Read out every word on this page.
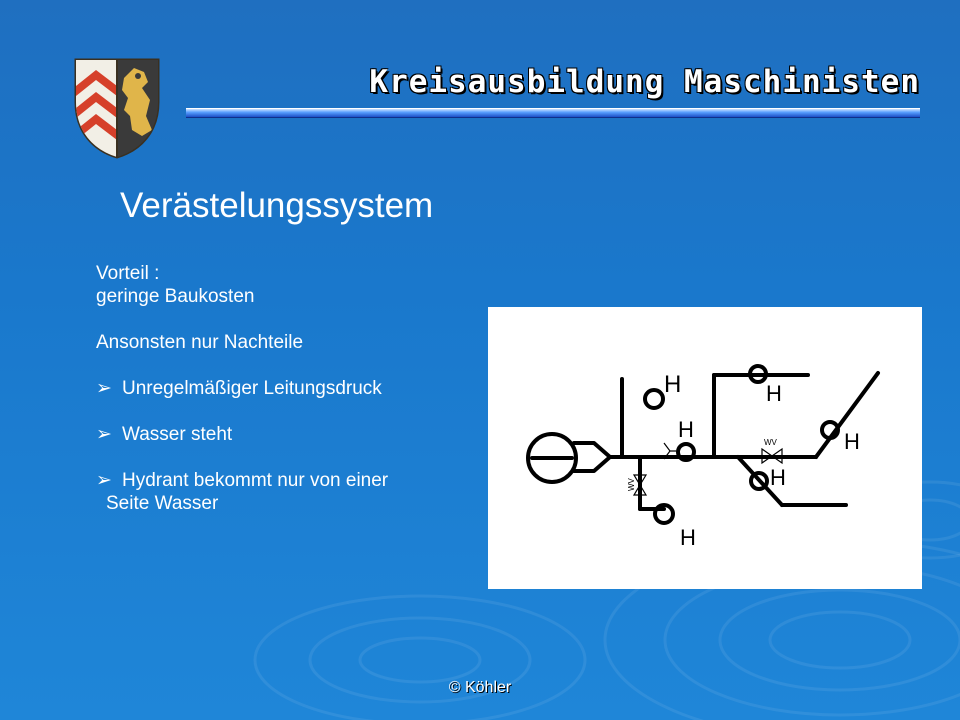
Kreisausbildung Maschinisten
Verästelungssystem
Vorteil :
geringe Baukosten
Ansonsten nur Nachteile
➢ Unregelmäßiger Leitungsdruck
➢ Wasser steht
➢ Hydrant bekommt nur von einer
Seite Wasser
WV
WV
H
H
H
H
H
H
© Köhler
